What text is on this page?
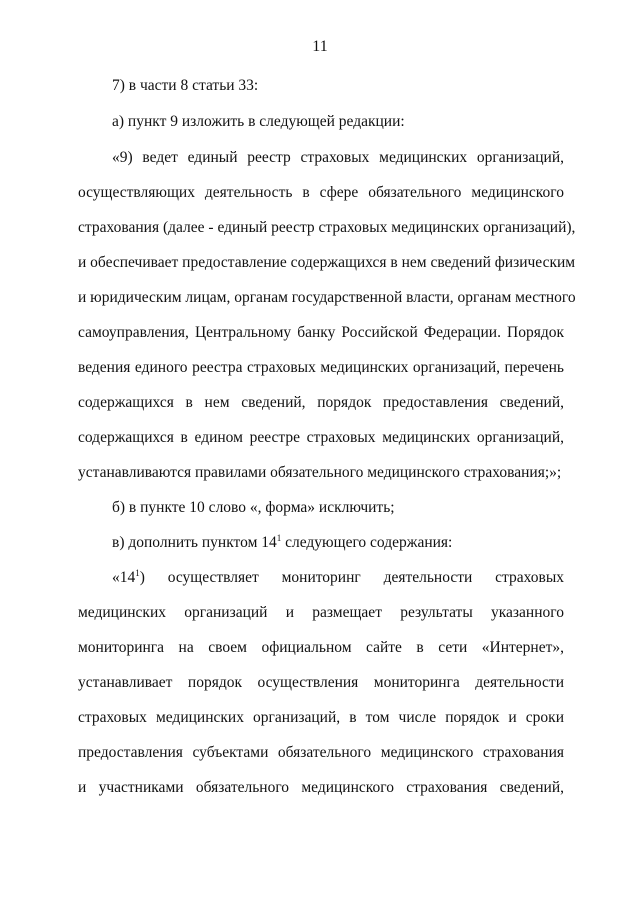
11
7) в части 8 статьи 33:
а) пункт 9 изложить в следующей редакции:
«9) ведет единый реестр страховых медицинских организаций,
осуществляющих деятельность в сфере обязательного медицинского
страхования (далее - единый реестр страховых медицинских организаций),
и обеспечивает предоставление содержащихся в нем сведений физическим
и юридическим лицам, органам государственной власти, органам местного
самоуправления, Центральному банку Российской Федерации. Порядок
ведения единого реестра страховых медицинских организаций, перечень
содержащихся в нем сведений, порядок предоставления сведений,
содержащихся в едином реестре страховых медицинских организаций,
устанавливаются правилами обязательного медицинского страхования;»;
б) в пункте 10 слово «, форма» исключить;
в) дополнить пунктом $14^1$ следующего содержания:
«$14^1$) осуществляет мониторинг деятельности страховых
медицинских организаций и размещает результаты указанного
мониторинга на своем официальном сайте в сети «Интернет»,
устанавливает порядок осуществления мониторинга деятельности
страховых медицинских организаций, в том числе порядок и сроки
предоставления субъектами обязательного медицинского страхования
и участниками обязательного медицинского страхования сведений,
